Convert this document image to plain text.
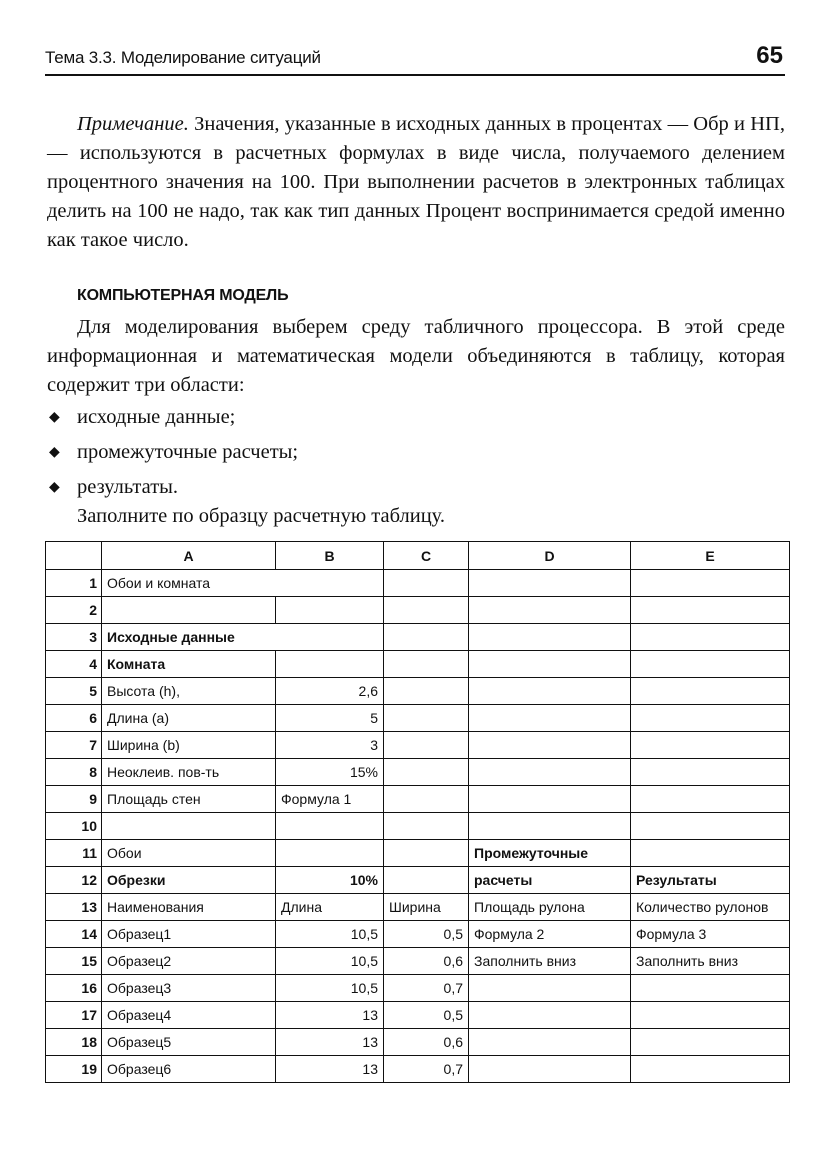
Тема 3.3. Моделирование ситуаций	65

Примечание. Значения, указанные в исходных данных в процентах — Обр и НП, — используются в расчетных формулах в виде числа, получаемого делением процентного значения на 100. При выполнении расчетов в электронных таблицах делить на 100 не надо, так как тип данных Процент воспринимается средой именно как такое число.

КОМПЬЮТЕРНАЯ МОДЕЛЬ

Для моделирования выберем среду табличного процессора. В этой среде информационная и математическая модели объединяются в таблицу, которая содержит три области:

◆ исходные данные;
◆ промежуточные расчеты;
◆ результаты.
Заполните по образцу расчетную таблицу.
	A	B	C	D	E
1	Обои и комната				
2					
3	Исходные данные				
4	Комната				
5	Высота (h),	2,6			
6	Длина (a)	5			
7	Ширина (b)	3			
8	Неоклеив. пов-ть	15%			
9	Площадь стен	Формула 1			
10					
11	Обои			Промежуточные	
12	Обрезки	10%		расчеты	Результаты
13	Наименования	Длина	Ширина	Площадь рулона	Количество рулонов
14	Образец1	10,5	0,5	Формула 2	Формула 3
15	Образец2	10,5	0,6	Заполнить вниз	Заполнить вниз
16	Образец3	10,5	0,7		
17	Образец4	13	0,5		
18	Образец5	13	0,6		
19	Образец6	13	0,7		
